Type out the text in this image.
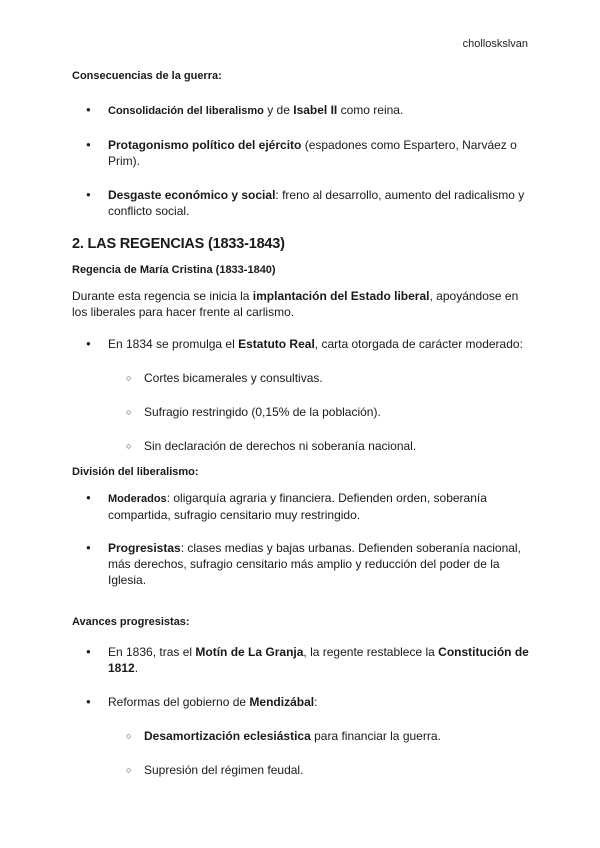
cholloskslvan
Consecuencias de la guerra:
● Consolidación del liberalismo y de Isabel II como reina.
● Protagonismo político del ejército (espadones como Espartero, Narváez o Prim).
● Desgaste económico y social: freno al desarrollo, aumento del radicalismo y conflicto social.
2. LAS REGENCIAS (1833-1843)
Regencia de María Cristina (1833-1840)

Durante esta regencia se inicia la implantación del Estado liberal, apoyándose en los liberales para hacer frente al carlismo.

● En 1834 se promulga el Estatuto Real, carta otorgada de carácter moderado:
○ Cortes bicamerales y consultivas.
○ Sufragio restringido (0,15% de la población).
○ Sin declaración de derechos ni soberanía nacional.
División del liberalismo:
● Moderados: oligarquía agraria y financiera. Defienden orden, soberanía compartida, sufragio censitario muy restringido.
● Progresistas: clases medias y bajas urbanas. Defienden soberanía nacional, más derechos, sufragio censitario más amplio y reducción del poder de la Iglesia.
Avances progresistas:
● En 1836, tras el Motín de La Granja, la regente restablece la Constitución de 1812.
● Reformas del gobierno de Mendizábal:
○ Desamortización eclesiástica para financiar la guerra.
○ Supresión del régimen feudal.
